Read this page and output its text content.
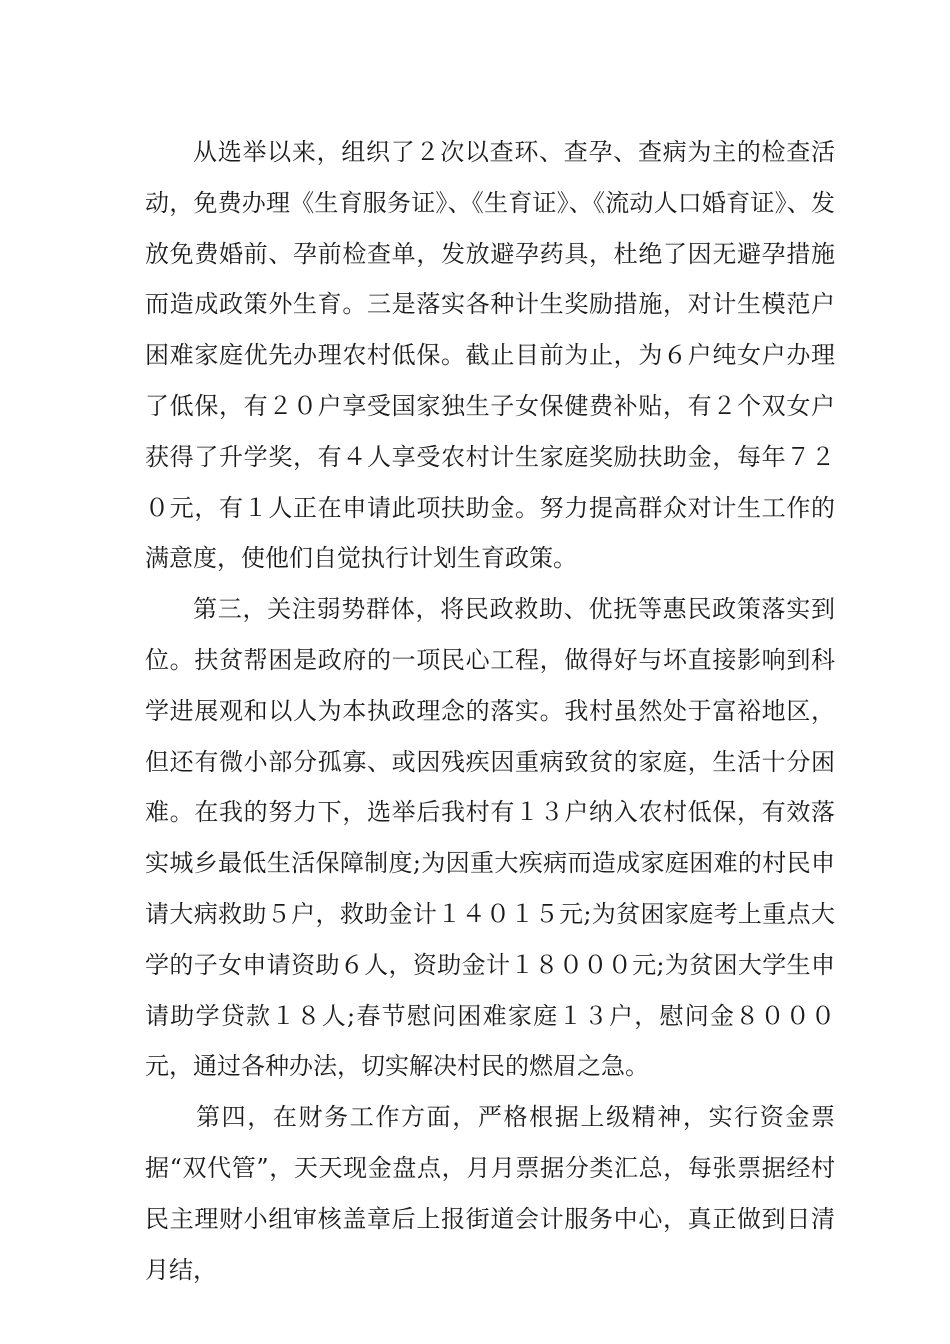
从选举以来，组织了２次以查环、查孕、查病为主的检查活动，免费办理《生育服务证》、《生育证》、《流动人口婚育证》、发放免费婚前、孕前检查单，发放避孕药具，杜绝了因无避孕措施而造成政策外生育。三是落实各种计生奖励措施，对计生模范户困难家庭优先办理农村低保。截止目前为止，为６户纯女户办理了低保，有２０户享受国家独生子女保健费补贴，有２个双女户获得了升学奖，有４人享受农村计生家庭奖励扶助金，每年７２０元，有１人正在申请此项扶助金。努力提高群众对计生工作的满意度，使他们自觉执行计划生育政策。

第三，关注弱势群体，将民政救助、优抚等惠民政策落实到位。扶贫帮困是政府的一项民心工程，做得好与坏直接影响到科学进展观和以人为本执政理念的落实。我村虽然处于富裕地区，但还有微小部分孤寡、或因残疾因重病致贫的家庭，生活十分困难。在我的努力下，选举后我村有１３户纳入农村低保，有效落实城乡最低生活保障制度;为因重大疾病而造成家庭困难的村民申请大病救助５户，救助金计１４０１５元;为贫困家庭考上重点大学的子女申请资助６人，资助金计１８０００元;为贫困大学生申请助学贷款１８人;春节慰问困难家庭１３户，慰问金８０００元，通过各种办法，切实解决村民的燃眉之急。

第四，在财务工作方面，严格根据上级精神，实行资金票据“双代管”，天天现金盘点，月月票据分类汇总，每张票据经村民主理财小组审核盖章后上报街道会计服务中心，真正做到日清月结，
